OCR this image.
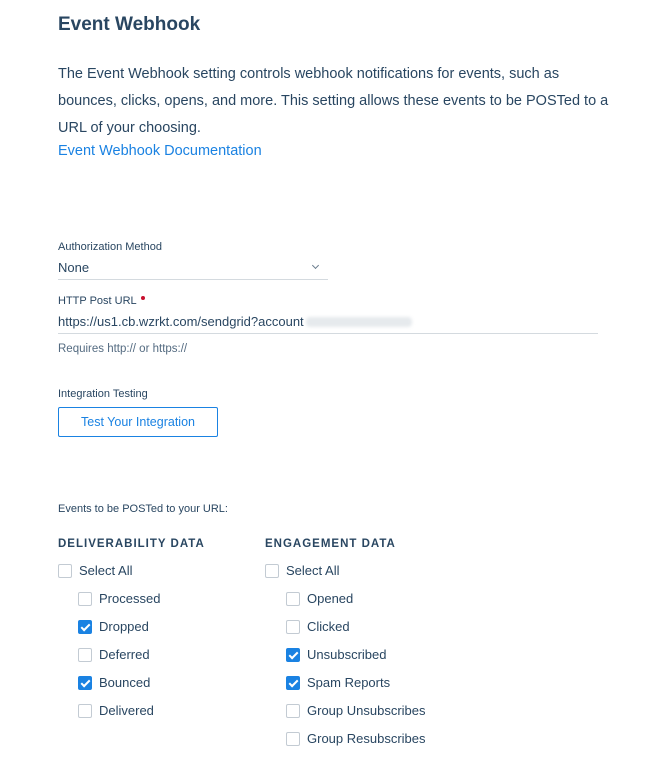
Event Webhook
The Event Webhook setting controls webhook notifications for events, such as bounces, clicks, opens, and more. This setting allows these events to be POSTed to a URL of your choosing.
Event Webhook Documentation
Authorization Method
None
HTTP Post URL
https://us1.cb.wzrkt.com/sendgrid?account
Requires http:// or https://
Integration Testing
Test Your Integration
Events to be POSTed to your URL:
DELIVERABILITY DATA	ENGAGEMENT DATA
Select All
Processed
Dropped
Deferred
Bounced
Delivered
Select All
Opened
Clicked
Unsubscribed
Spam Reports
Group Unsubscribes
Group Resubscribes
